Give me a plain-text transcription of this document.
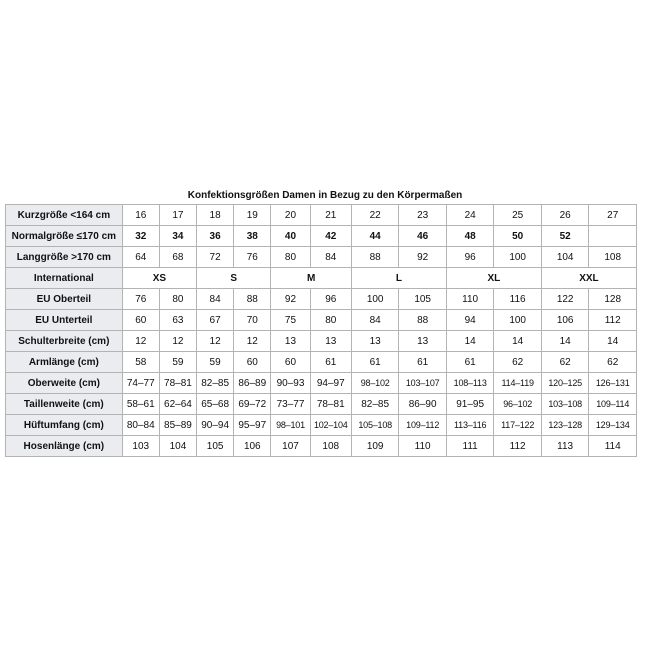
Konfektionsgrößen Damen in Bezug zu den Körpermaßen
Kurzgröße <164 cm	16	17	18	19	20	21	22	23	24	25	26	27
Normalgröße ≤170 cm	32	34	36	38	40	42	44	46	48	50	52	
Langgröße >170 cm	64	68	72	76	80	84	88	92	96	100	104	108
International	XS		S		M		L		XL		XXL	
EU Oberteil	76	80	84	88	92	96	100	105	110	116	122	128
EU Unterteil	60	63	67	70	75	80	84	88	94	100	106	112
Schulterbreite (cm)	12	12	12	12	13	13	13	13	14	14	14	14
Armlänge (cm)	58	59	59	60	60	61	61	61	61	62	62	62
Oberweite (cm)	74–77	78–81	82–85	86–89	90–93	94–97	98–102	103–107	108–113	114–119	120–125	126–131
Taillenweite (cm)	58–61	62–64	65–68	69–72	73–77	78–81	82–85	86–90	91–95	96–102	103–108	109–114
Hüftumfang (cm)	80–84	85–89	90–94	95–97	98–101	102–104	105–108	109–112	113–116	117–122	123–128	129–134
Hosenlänge (cm)	103	104	105	106	107	108	109	110	111	112	113	114
